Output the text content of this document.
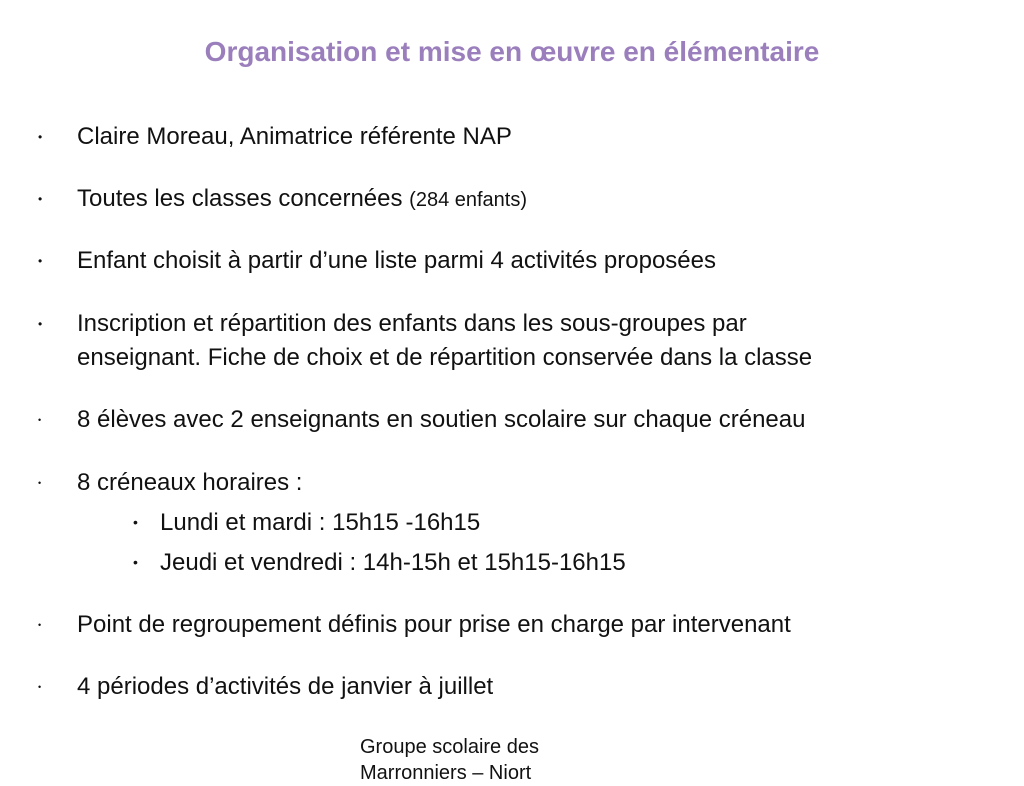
Organisation et mise en œuvre en élémentaire
• Claire Moreau, Animatrice référente NAP
• Toutes les classes concernées (284 enfants)
• Enfant choisit à partir d’une liste parmi 4 activités proposées
• Inscription et répartition des enfants dans les sous-groupes par
enseignant. Fiche de choix et de répartition conservée dans la classe
• 8 élèves avec 2 enseignants en soutien scolaire sur chaque créneau
• 8 créneaux horaires :
• Lundi et mardi : 15h15 -16h15
• Jeudi et vendredi : 14h-15h et 15h15-16h15
• Point de regroupement définis pour prise en charge par intervenant
• 4 périodes d’activités de janvier à juillet
Groupe scolaire des
Marronniers – Niort
